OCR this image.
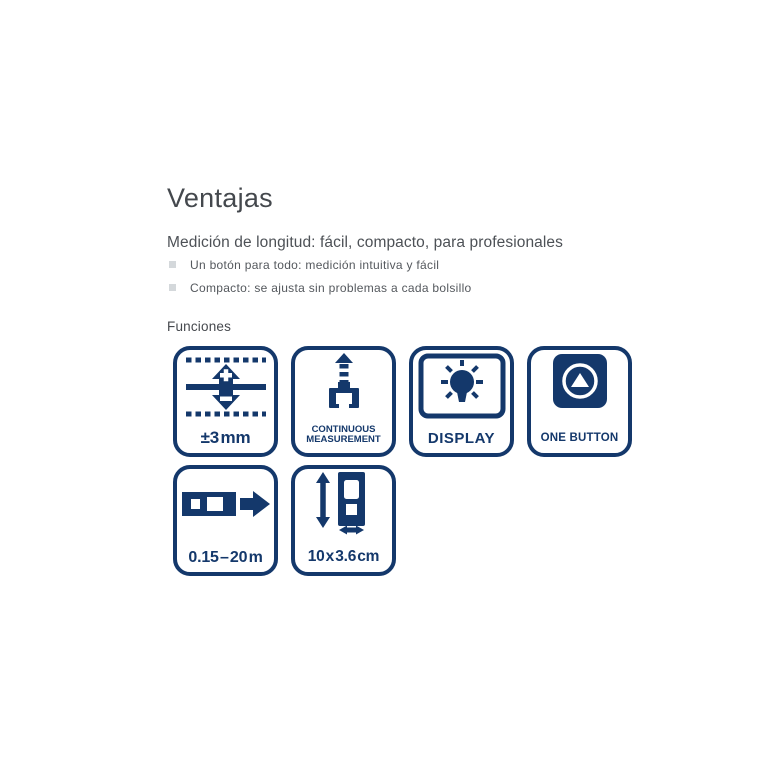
Ventajas
Medición de longitud: fácil, compacto, para profesionales
Un botón para todo: medición intuitiva y fácil
Compacto: se ajusta sin problemas a cada bolsillo
Funciones
±3 mm	CONTINUOUS MEASUREMENT	DISPLAY	ONE BUTTON
0.15 – 20 m	10 x 3.6 cm
